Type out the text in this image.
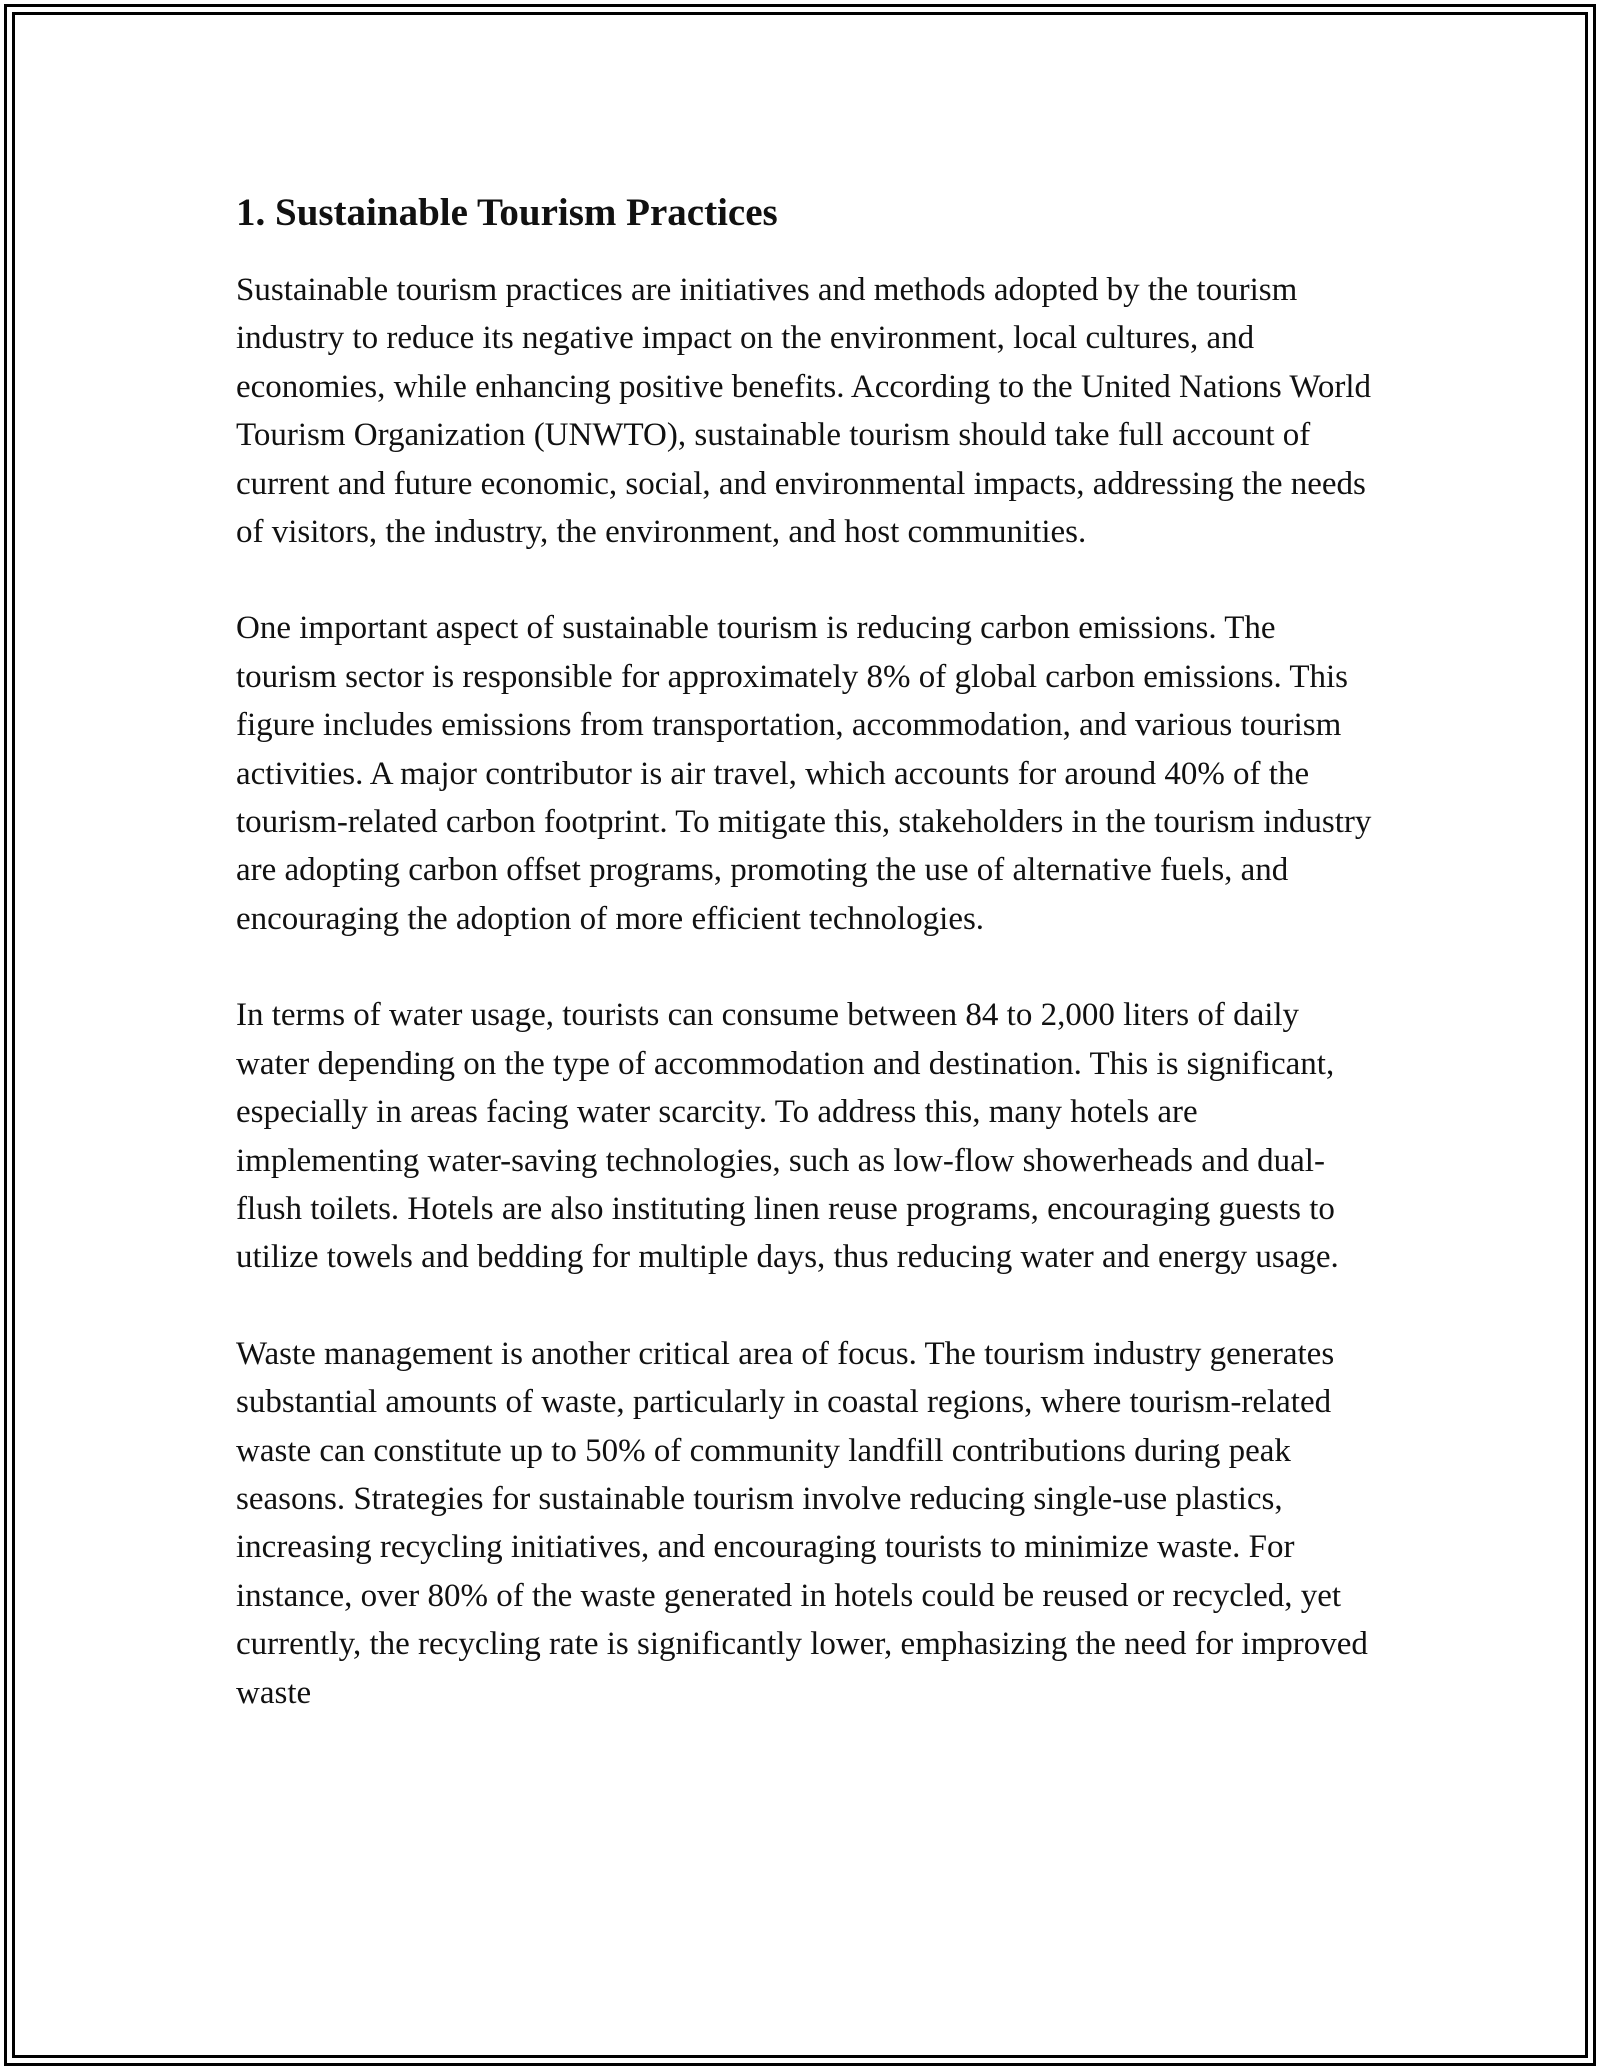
1. Sustainable Tourism Practices

Sustainable tourism practices are initiatives and methods adopted by the tourism industry to reduce its negative impact on the environment, local cultures, and economies, while enhancing positive benefits. According to the United Nations World Tourism Organization (UNWTO), sustainable tourism should take full account of current and future economic, social, and environmental impacts, addressing the needs of visitors, the industry, the environment, and host communities.

One important aspect of sustainable tourism is reducing carbon emissions. The tourism sector is responsible for approximately 8% of global carbon emissions. This figure includes emissions from transportation, accommodation, and various tourism activities. A major contributor is air travel, which accounts for around 40% of the tourism-related carbon footprint. To mitigate this, stakeholders in the tourism industry are adopting carbon offset programs, promoting the use of alternative fuels, and encouraging the adoption of more efficient technologies.

In terms of water usage, tourists can consume between 84 to 2,000 liters of daily water depending on the type of accommodation and destination. This is significant, especially in areas facing water scarcity. To address this, many hotels are implementing water-saving technologies, such as low-flow showerheads and dual-flush toilets. Hotels are also instituting linen reuse programs, encouraging guests to utilize towels and bedding for multiple days, thus reducing water and energy usage.

Waste management is another critical area of focus. The tourism industry generates substantial amounts of waste, particularly in coastal regions, where tourism-related waste can constitute up to 50% of community landfill contributions during peak seasons. Strategies for sustainable tourism involve reducing single-use plastics, increasing recycling initiatives, and encouraging tourists to minimize waste. For instance, over 80% of the waste generated in hotels could be reused or recycled, yet currently, the recycling rate is significantly lower, emphasizing the need for improved waste
